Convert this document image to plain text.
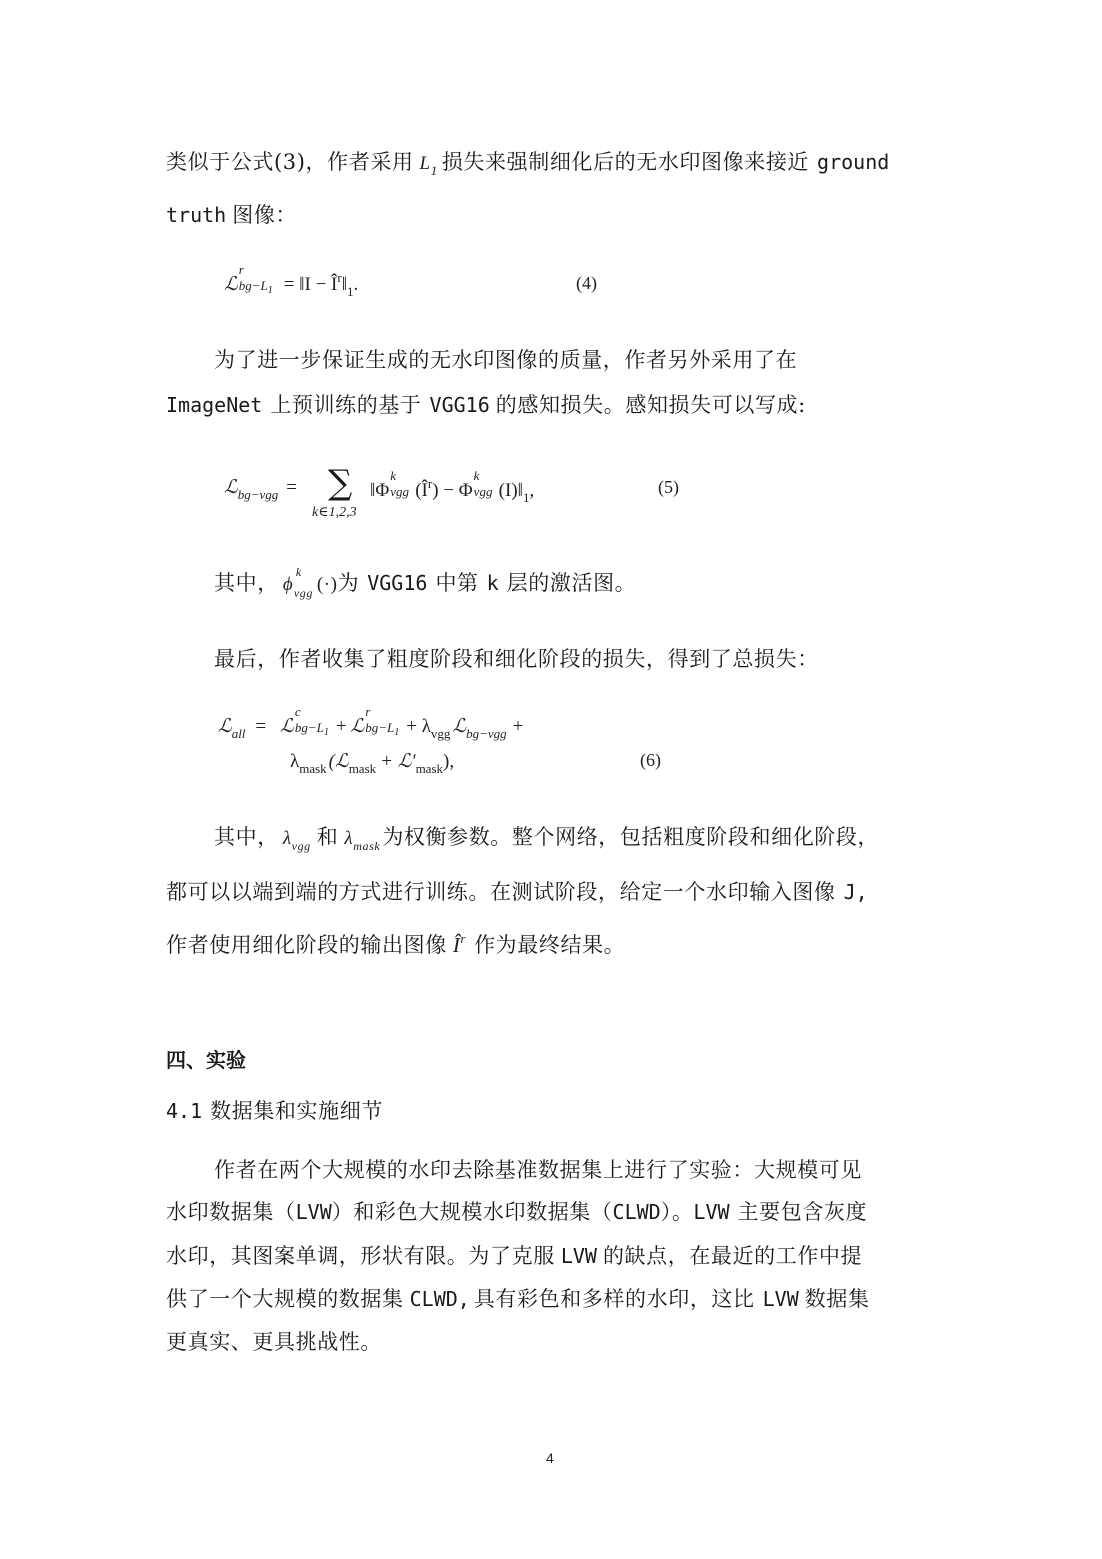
类似于公式(3)，作者采用 $L_1$ 损失来强制细化后的无水印图像来接近 ground
truth 图像：
ℒ
r
$bg-L_1$ = ‖I − $Î^r‖_1$.	(4)
为了进一步保证生成的无水印图像的质量，作者另外采用了在
ImageNet 上预训练的基于 VGG16 的感知损失。感知损失可以写成:
ℒ$_{bg-vgg}$ = ∑
k∈1,2,3
‖Φ
k
vgg $(Î^r) - \Phi$
k
vgg $(I)‖_1$,	(5)
其中， ϕ
k
vgg (·)为 VGG16 中第 k 层的激活图。
最后，作者收集了粗度阶段和细化阶段的损失，得到了总损失：
ℒ$_{all}$ = ℒ
c
$bg-L_1$ + ℒ
r
$bg-L_1 + \lambda_{vgg}$ ℒ$_{bg-vgg}$ +
$\lambda_{mask}$ (ℒ$_{mask}$ + $ℒ'_{mask}$),	(6)
其中， $\lambda_{vgg}$ 和 $\lambda_{mask}$为权衡参数。整个网络，包括粗度阶段和细化阶段，
都可以以端到端的方式进行训练。在测试阶段，给定一个水印输入图像 J,
作者使用细化阶段的输出图像 $Î^r$ 作为最终结果。
四、实验
4.1 数据集和实施细节
作者在两个大规模的水印去除基准数据集上进行了实验：大规模可见
水印数据集（LVW）和彩色大规模水印数据集（CLWD）。LVW 主要包含灰度
水印，其图案单调，形状有限。为了克服 LVW 的缺点，在最近的工作中提
供了一个大规模的数据集 CLWD, 具有彩色和多样的水印，这比 LVW 数据集
更真实、更具挑战性。
4
